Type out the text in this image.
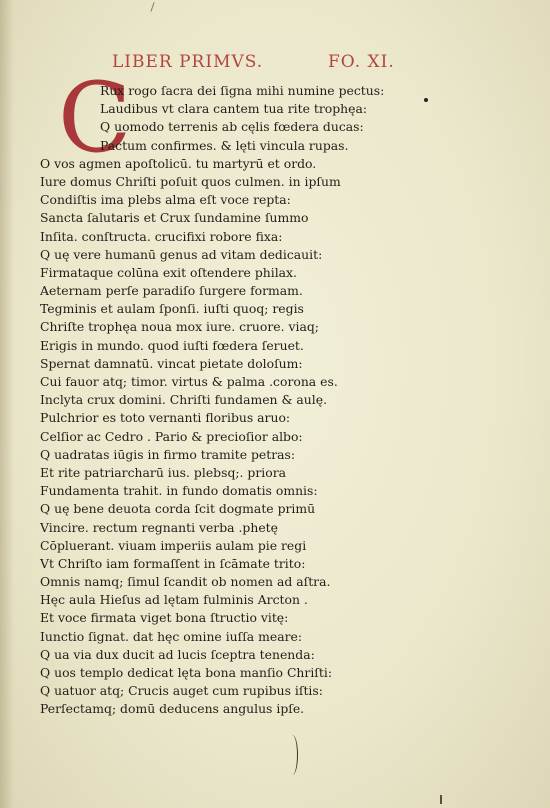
LIBER PRIMVS.	FO. XI.
C
Rux rogo ſacra dei ſigna mihi numine pectus:
Laudibus vt clara cantem tua rite trophęa:
Q uomodo terrenis ab cęlis fœdera ducas:
Pactum confirmes. & lęti vincula rupas.
O vos agmen apoſtolicū. tu martyrū et ordo.
Iure domus Chriſti poſuit quos culmen. in ipſum
Condiſtis ima plebs alma eſt voce repta:
Sancta ſalutaris et Crux ſundamine ſummo
Inſita. conſtructa. crucifixi robore fixa:
Q uę vere humanū genus ad vitam dedicauit:
Firmataque colūna exit oſtendere philax.
Aeternam perſe paradiſo ſurgere formam.
Tegminis et aulam ſponſi. iuſti quoq; regis
Chriſte trophęa noua mox iure. cruore. viaq;
Erigis in mundo. quod iuſti fœdera ſeruet.
Spernat damnatū. vincat pietate doloſum:
Cui fauor atq; timor. virtus & palma .corona es.
Inclyta crux domini. Chriſti fundamen & aulę.
Pulchrior es toto vernanti floribus aruo:
Celſior ac Cedro . Pario & precioſior albo:
Q uadratas iūgis in firmo tramite petras:
Et rite patriarcharū ius. plebsq;. priora
Fundamenta trahit. in fundo domatis omnis:
Q uę bene deuota corda ſcit dogmate primū
Vincire. rectum regnanti verba .phetę
Cōpluerant. viuam imperiis aulam pie regi
Vt Chriſto iam formaſſent in ſcāmate trito:
Omnis namq; ſimul ſcandit ob nomen ad aſtra.
Hęc aula Hieſus ad lętam fulminis Arcton .
Et voce firmata viget bona ſtructio vitę:
Iunctio ſignat. dat hęc omine iuſſa meare:
Q ua via dux ducit ad lucis ſceptra tenenda:
Q uos templo dedicat lęta bona manſio Chriſti:
Q uatuor atq; Crucis auget cum rupibus iſtis:
Perſectamq; domū deducens angulus ipſe.
